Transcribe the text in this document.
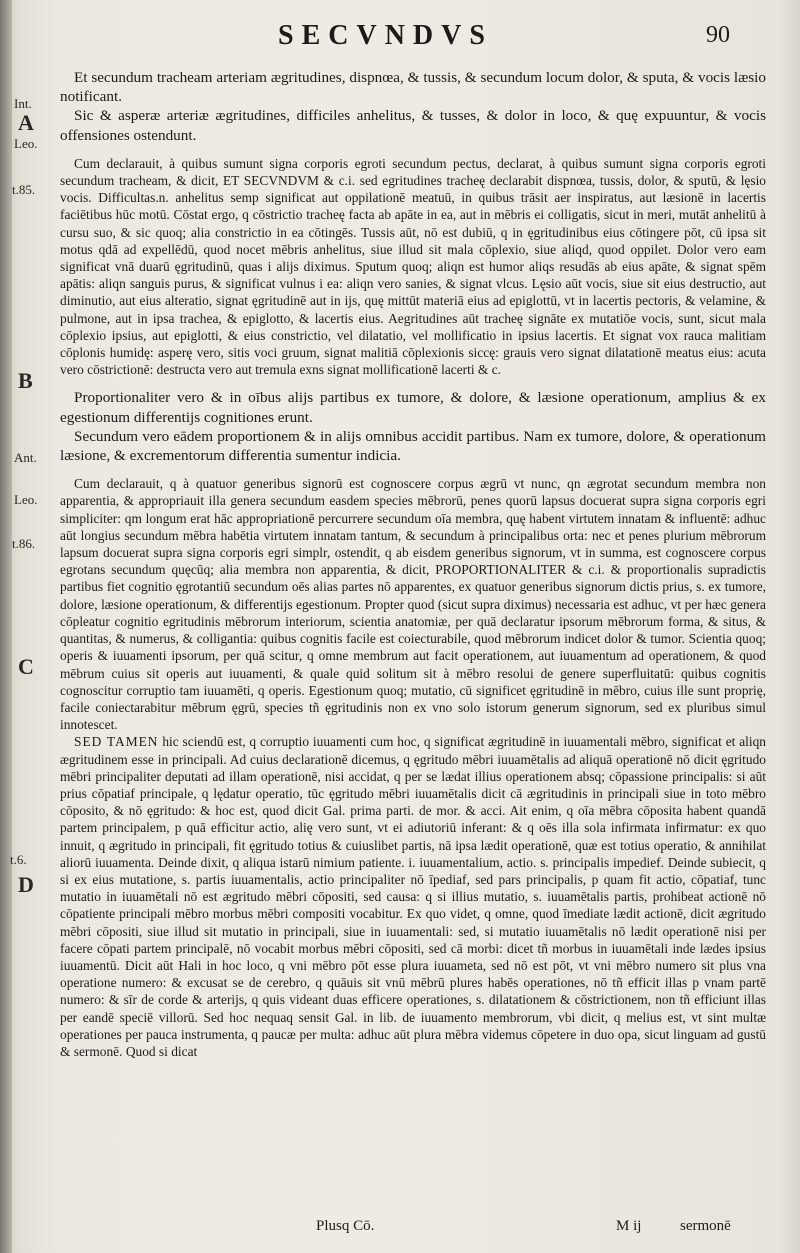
SECVNDVS	90
Int.
A
Leo.
t.85.
B
Ant.
Leo.
t.86.
C
t.6.
D

Et secundum tracheam arteriam ægritudines, dispnœa, & tussis, & secundum locum dolor, & sputa, & vocis læsio notificant.

Sic & asperæ arteriæ ægritudines, difficiles anhelitus, & tusses, & dolor in loco, & quę expuuntur, & vocis offensiones ostendunt.

Cum declarauit, à quibus sumunt signa corporis egroti secundum pectus, declarat, à quibus sumunt signa corporis egroti secundum tracheam, & dicit, ET SECVNDVM & c.i. sed egritudines tracheę declarabit dispnœa, tussis, dolor, & sputū, & lęsio vocis. Difficultas.n. anhelitus semp significat aut oppilationē meatuū, in quibus trāsit aer inspiratus, aut læsionē in lacertis faciētibus hūc motū. Cōstat ergo, q cōstrictio tracheę facta ab apāte in ea, aut in mēbris ei colligatis, sicut in meri, mutāt anhelitū à cursu suo, & sic quoq; alia constrictio in ea cōtingēs. Tussis aūt, nō est dubiū, q in ęgritudinibus eius cōtingere pōt, cū ipsa sit motus qdā ad expellēdū, quod nocet mēbris anhelitus, siue illud sit mala cōplexio, siue aliqd, quod oppilet. Dolor vero eam significat vnā duarū ęgritudinū, quas i alijs diximus. Sputum quoq; aliqn est humor aliqs resudās ab eius apāte, & signat spēm apātis: aliqn sanguis purus, & significat vulnus i ea: aliqn vero sanies, & signat vlcus. Lęsio aūt vocis, siue sit eius destructio, aut diminutio, aut eius alteratio, signat ęgritudinē aut in ijs, quę mittūt materiā eius ad epiglottū, vt in lacertis pectoris, & velamine, & pulmone, aut in ipsa trachea, & epiglotto, & lacertis eius. Aegritudines aūt tracheę signāte ex mutatiōe vocis, sunt, sicut mala cōplexio ipsius, aut epiglotti, & eius constrictio, vel dilatatio, vel mollificatio in ipsius lacertis. Et signat vox rauca malitiam cōplonis humidę: asperę vero, sitis voci gruum, signat malitiā cōplexionis siccę: grauis vero signat dilatationē meatus eius: acuta vero cōstrictionē: destructa vero aut tremula exns signat mollificationē lacerti & c.

Proportionaliter vero & in oībus alijs partibus ex tumore, & dolore, & læsione operationum, amplius & ex egestionum differentijs cognitiones erunt.

Secundum vero eādem proportionem & in alijs omnibus accidit partibus. Nam ex tumore, dolore, & operationum læsione, & excrementorum differentia sumentur indicia.

Cum declarauit, q à quatuor generibus signorū est cognoscere corpus ægrū vt nunc, qn ægrotat secundum membra non apparentia, & appropriauit illa genera secundum easdem species mēbrorū, penes quorū lapsus docuerat supra signa corporis egri simpliciter: qm longum erat hāc appropriationē percurrere secundum oīa membra, quę habent virtutem innatam & influentē: adhuc aūt longius secundum mēbra habētia virtutem innatam tantum, & secundum à principalibus orta: nec et penes plurium mēbrorum lapsum docuerat supra signa corporis egri simplr, ostendit, q ab eisdem generibus signorum, vt in summa, est cognoscere corpus egrotans secundum quęcūq; alia membra non apparentia, & dicit, PROPORTIONALITER & c.i. & proportionalis supradictis partibus fiet cognitio ęgrotantiū secundum oēs alias partes nō apparentes, ex quatuor generibus signorum dictis prius, s. ex tumore, dolore, læsione operationum, & differentijs egestionum. Propter quod (sicut supra diximus) necessaria est adhuc, vt per hæc genera cōpleatur cognitio egritudinis mēbrorum interiorum, scientia anatomiæ, per quā declaratur ipsorum mēbrorum forma, & situs, & quantitas, & numerus, & colligantia: quibus cognitis facile est coiecturabile, quod mēbrorum indicet dolor & tumor. Scientia quoq; operis & iuuamenti ipsorum, per quā scitur, q omne membrum aut facit operationem, aut iuuamentum ad operationem, & quod mēbrum cuius sit operis aut iuuamenti, & quale quid solitum sit à mēbro resolui de genere superfluitatū: quibus cognitis cognoscitur corruptio tam iuuamēti, q operis. Egestionum quoq; mutatio, cū significet ęgritudinē in mēbro, cuius ille sunt proprię, facile coniectarabitur mēbrum ęgrū, species tñ ęgritudinis non ex vno solo istorum generum signorum, sed ex pluribus simul innotescet.

SED TAMEN hic sciendū est, q corruptio iuuamenti cum hoc, q significat ægritudinē in iuuamentali mēbro, significat et aliqn ægritudinem esse in principali. Ad cuius declarationē dicemus, q ęgritudo mēbri iuuamētalis ad aliquā operationē nō dicit ęgritudo mēbri principaliter deputati ad illam operationē, nisi accidat, q per se lædat illius operationem absq; cōpassione principalis: si aūt prius cōpatiaf principale, q lędatur operatio, tūc ęgritudo mēbri iuuamētalis dicit cā ægritudinis in principali siue in toto mēbro cōposito, & nō ęgritudo: & hoc est, quod dicit Gal. prima parti. de mor. & acci. Ait enim, q oīa mēbra cōposita habent quandā partem principalem, p quā efficitur actio, alię vero sunt, vt ei adiutoriū inferant: & q oēs illa sola infirmata infirmatur: ex quo innuit, q ægritudo in principali, fit ęgritudo totius & cuiuslibet partis, nā ipsa lædit operationē, quæ est totius operatio, & annihilat aliorū iuuamenta. Deinde dixit, q aliqua istarū nimium patiente. i. iuuamentalium, actio. s. principalis impedief. Deinde subiecit, q si ex eius mutatione, s. partis iuuamentalis, actio principaliter nō īpediaf, sed pars principalis, p quam fit actio, cōpatiaf, tunc mutatio in iuuamētali nō est ægritudo mēbri cōpositi, sed causa: q si illius mutatio, s. iuuamētalis partis, prohibeat actionē nō cōpatiente principali mēbro morbus mēbri compositi vocabitur. Ex quo videt, q omne, quod īmediate lædit actionē, dicit ægritudo mēbri cōpositi, siue illud sit mutatio in principali, siue in iuuamentali: sed, si mutatio iuuamētalis nō lædit operationē nisi per facere cōpati partem principalē, nō vocabit morbus mēbri cōpositi, sed cā morbi: dicet tñ morbus in iuuamētali inde lædes ipsius iuuamentū. Dicit aūt Hali in hoc loco, q vni mēbro pōt esse plura iuuameta, sed nō est pōt, vt vni mēbro numero sit plus vna operatione numero: & excusat se de cerebro, q quāuis sit vnū mēbrū plures habēs operationes, nō tñ efficit illas p vnam partē numero: & sīr de corde & arterijs, q quis videant duas efficere operationes, s. dilatationem & cōstrictionem, non tñ efficiunt illas per eandē speciē villorū. Sed hoc nequaq sensit Gal. in lib. de iuuamento membrorum, vbi dicit, q melius est, vt sint multæ operationes per pauca instrumenta, q paucæ per multa: adhuc aūt plura mēbra videmus cōpetere in duo opa, sicut linguam ad gustū & sermonē. Quod si dicat

Plusq Cō.	M ij	sermonē
